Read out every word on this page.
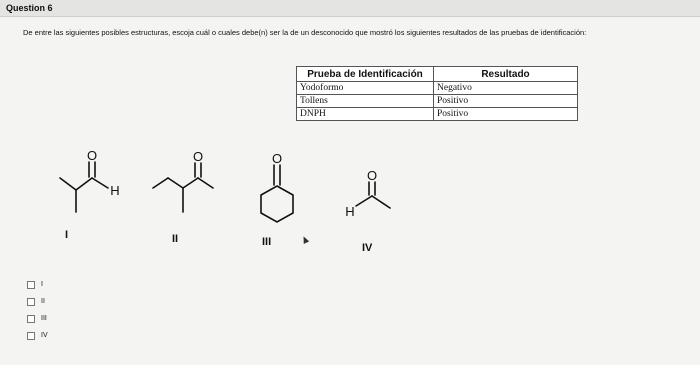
Question 6
De entre las siguientes posibles estructuras, escoja cuál o cuales debe(n) ser la de un desconocido que mostró los siguientes resultados de las pruebas de identificación:
Prueba de Identificación	Resultado
Yodoformo	Negativo
Tollens	Positivo
DNPH	Positivo
O
H
O	O
O
H
I	II	III	IV
I
II
III
IV
